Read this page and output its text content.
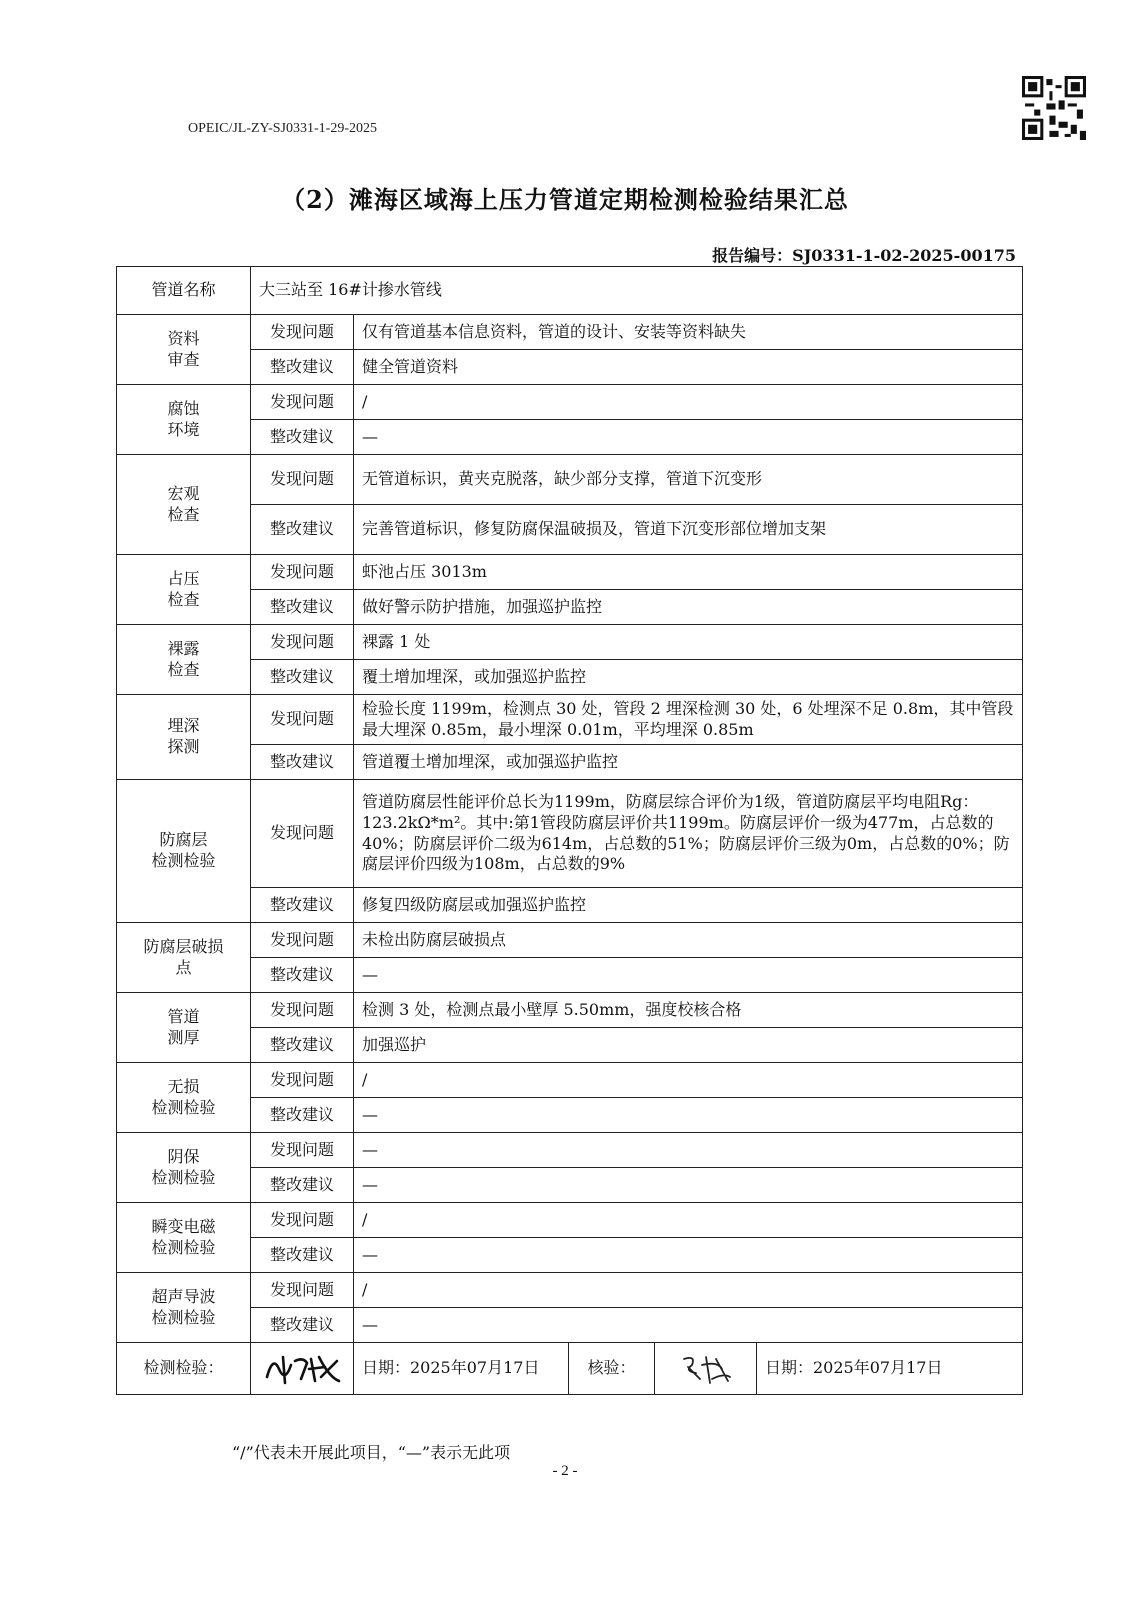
OPEIC/JL-ZY-SJ0331-1-29-2025
（2）滩海区域海上压力管道定期检测检验结果汇总
报告编号：SJ0331-1-02-2025-00175
管道名称	大三站至 16#计掺水管线				

资料
审查	发现问题	仅有管道基本信息资料，管道的设计、安装等资料缺失			
	整改建议	健全管道资料			

腐蚀
环境	发现问题	/			
	整改建议	—			

宏观
检查	发现问题	无管道标识，黄夹克脱落，缺少部分支撑，管道下沉变形			
	整改建议	完善管道标识，修复防腐保温破损及，管道下沉变形部位增加支架			

占压
检查	发现问题	虾池占压 3013m			
	整改建议	做好警示防护措施，加强巡护监控			

裸露
检查	发现问题	裸露 1 处			
	整改建议	覆土增加埋深，或加强巡护监控			

埋深
探测	发现问题	检验长度 1199m，检测点 30 处，管段 2 埋深检测 30 处，6 处埋深不足 0.8m，其中管段最大埋深 0.85m，最小埋深 0.01m，平均埋深 0.85m			
	整改建议	管道覆土增加埋深，或加强巡护监控			

防腐层
检测检验	发现问题	管道防腐层性能评价总长为1199m，防腐层综合评价为1级，管道防腐层平均电阻Rg：123.2kΩ*m²。其中:第1管段防腐层评价共1199m。防腐层评价一级为477m，占总数的40%；防腐层评价二级为614m，占总数的51%；防腐层评价三级为0m，占总数的0%；防腐层评价四级为108m，占总数的9%			
	整改建议	修复四级防腐层或加强巡护监控			

防腐层破损
点	发现问题	未检出防腐层破损点			
	整改建议	—			

管道
测厚	发现问题	检测 3 处，检测点最小壁厚 5.50mm，强度校核合格			
	整改建议	加强巡护			

无损
检测检验	发现问题	/			
	整改建议	—			

阴保
检测检验	发现问题	—			
	整改建议	—			

瞬变电磁
检测检验	发现问题	/			
	整改建议	—			

超声导波
检测检验	发现问题	/			
	整改建议	—			
检测检验：		日期：2025年07月17日	核验：		日期：2025年07月17日
“/”代表未开展此项目，“—”表示无此项
- 2 -
